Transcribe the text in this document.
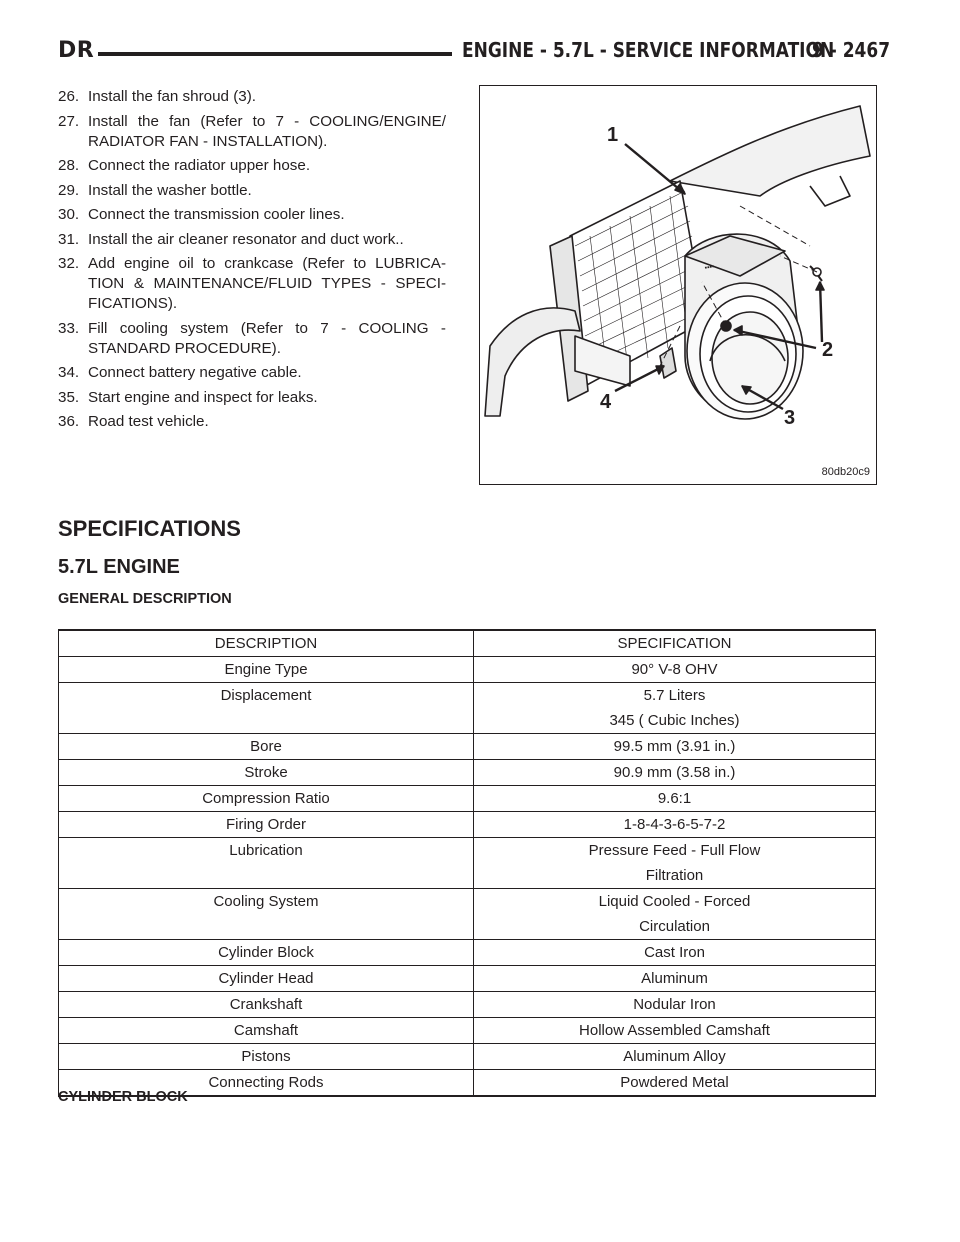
DR	ENGINE - 5.7L - SERVICE INFORMATION
9 - 2467
26. Install the fan shroud (3).
27. Install the fan (Refer to 7 - COOLING/ENGINE/ RADIATOR FAN - INSTALLATION).
28. Connect the radiator upper hose.
29. Install the washer bottle.
30. Connect the transmission cooler lines.
31. Install the air cleaner resonator and duct work..
32. Add engine oil to crankcase (Refer to LUBRICA- TION & MAINTENANCE/FLUID TYPES - SPECI- FICATIONS).
33. Fill cooling system (Refer to 7 - COOLING - STANDARD PROCEDURE).
34. Connect battery negative cable.
35. Start engine and inspect for leaks.
36. Road test vehicle.
▪▪▪▪
1
2
3
4
80db20c9
SPECIFICATIONS
5.7L ENGINE
GENERAL DESCRIPTION
DESCRIPTION	SPECIFICATION
Engine Type	90° V-8 OHV

Displacement	5.7 Liters
345 ( Cubic Inches)

Bore	99.5 mm (3.91 in.)

Stroke	90.9 mm (3.58 in.)

Compression Ratio	9.6:1

Firing Order	1-8-4-3-6-5-7-2

Lubrication	Pressure Feed - Full Flow
Filtration

Cooling System	Liquid Cooled - Forced
Circulation

Cylinder Block	Cast Iron

Cylinder Head	Aluminum

Crankshaft	Nodular Iron

Camshaft	Hollow Assembled Camshaft

Pistons	Aluminum Alloy

Connecting Rods	Powdered Metal
CYLINDER BLOCK
